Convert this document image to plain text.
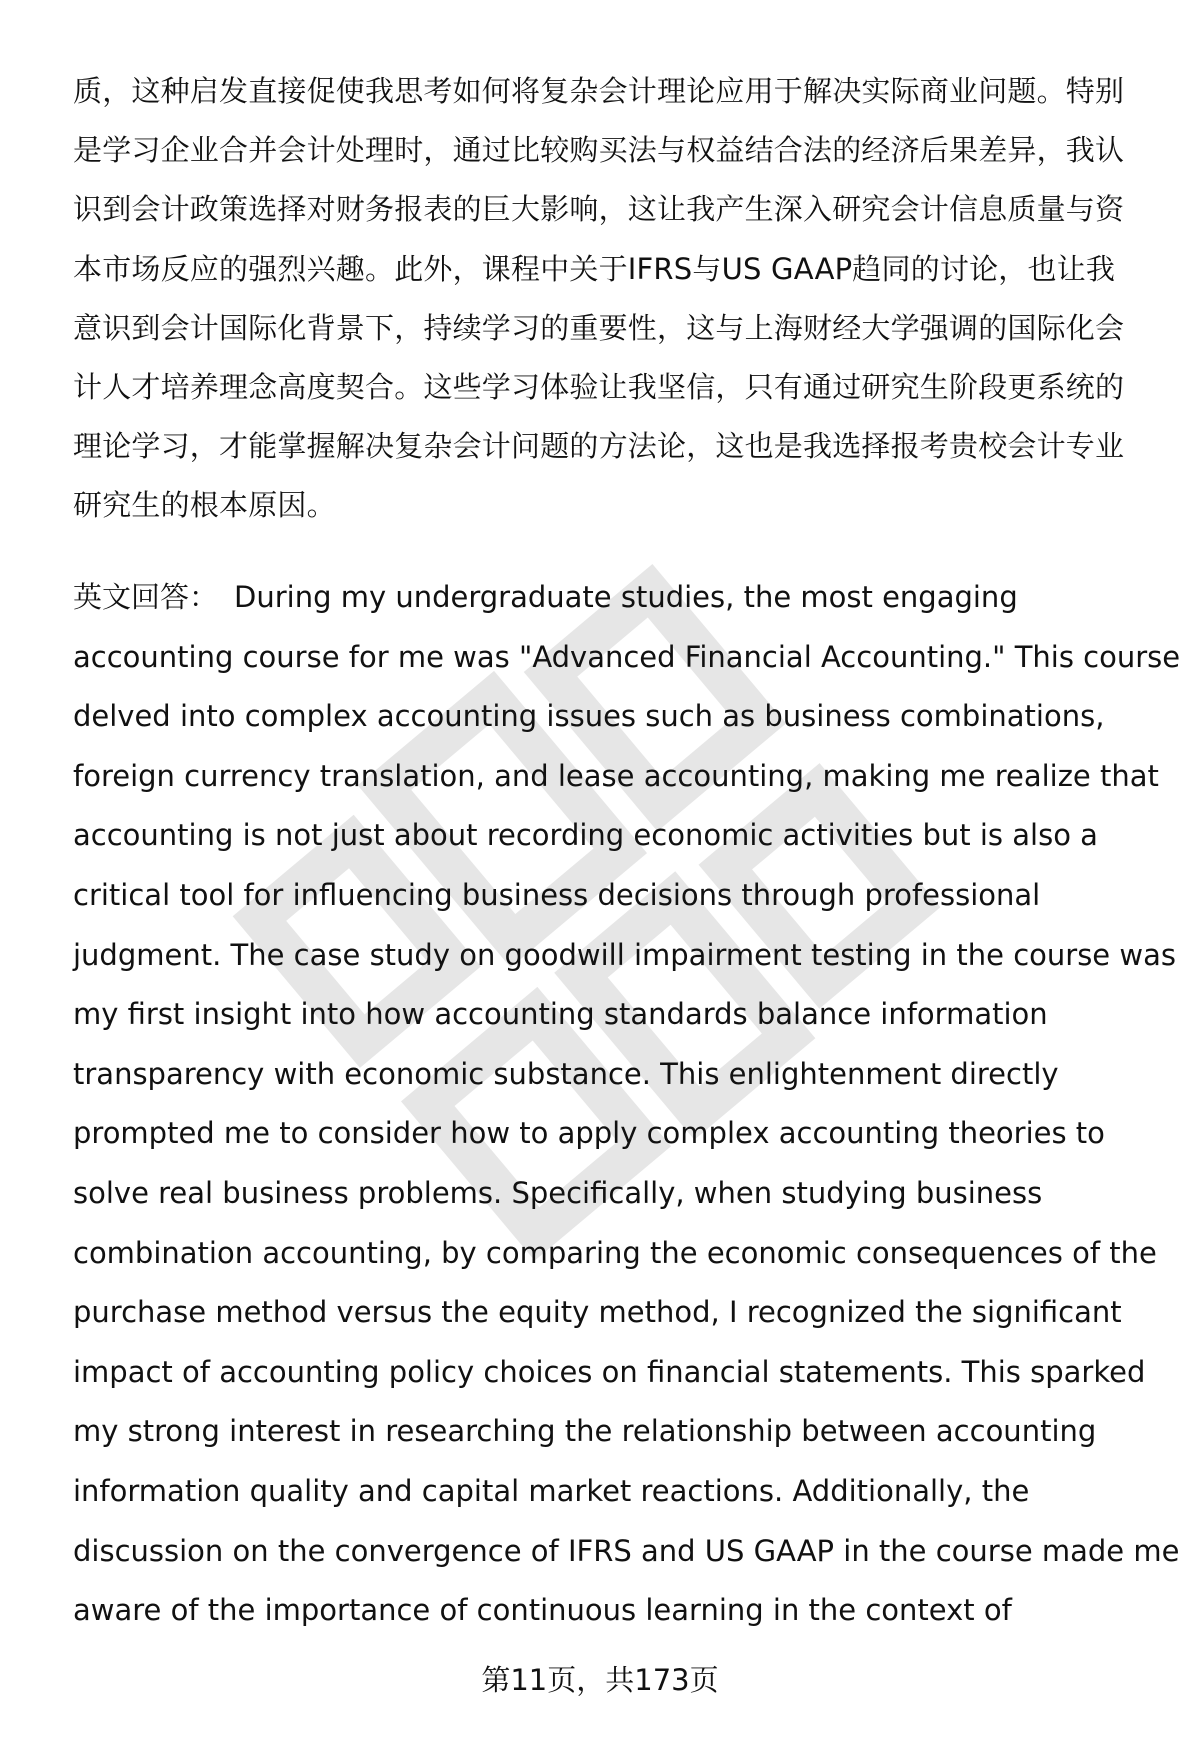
质，这种启发直接促使我思考如何将复杂会计理论应用于解决实际商业问题。特别
是学习企业合并会计处理时，通过比较购买法与权益结合法的经济后果差异，我认
识到会计政策选择对财务报表的巨大影响，这让我产生深入研究会计信息质量与资
本市场反应的强烈兴趣。此外，课程中关于IFRS与US GAAP趋同的讨论，也让我
意识到会计国际化背景下，持续学习的重要性，这与上海财经大学强调的国际化会
计人才培养理念高度契合。这些学习体验让我坚信，只有通过研究生阶段更系统的
理论学习，才能掌握解决复杂会计问题的方法论，这也是我选择报考贵校会计专业
研究生的根本原因。
英文回答： During my undergraduate studies, the most engaging
accounting course for me was "Advanced Financial Accounting." This course
delved into complex accounting issues such as business combinations,
foreign currency translation, and lease accounting, making me realize that
accounting is not just about recording economic activities but is also a
critical tool for influencing business decisions through professional
judgment. The case study on goodwill impairment testing in the course was
my first insight into how accounting standards balance information
transparency with economic substance. This enlightenment directly
prompted me to consider how to apply complex accounting theories to
solve real business problems. Specifically, when studying business
combination accounting, by comparing the economic consequences of the
purchase method versus the equity method, I recognized the significant
impact of accounting policy choices on financial statements. This sparked
my strong interest in researching the relationship between accounting
information quality and capital market reactions. Additionally, the
discussion on the convergence of IFRS and US GAAP in the course made me
aware of the importance of continuous learning in the context of
第11页，共173页
